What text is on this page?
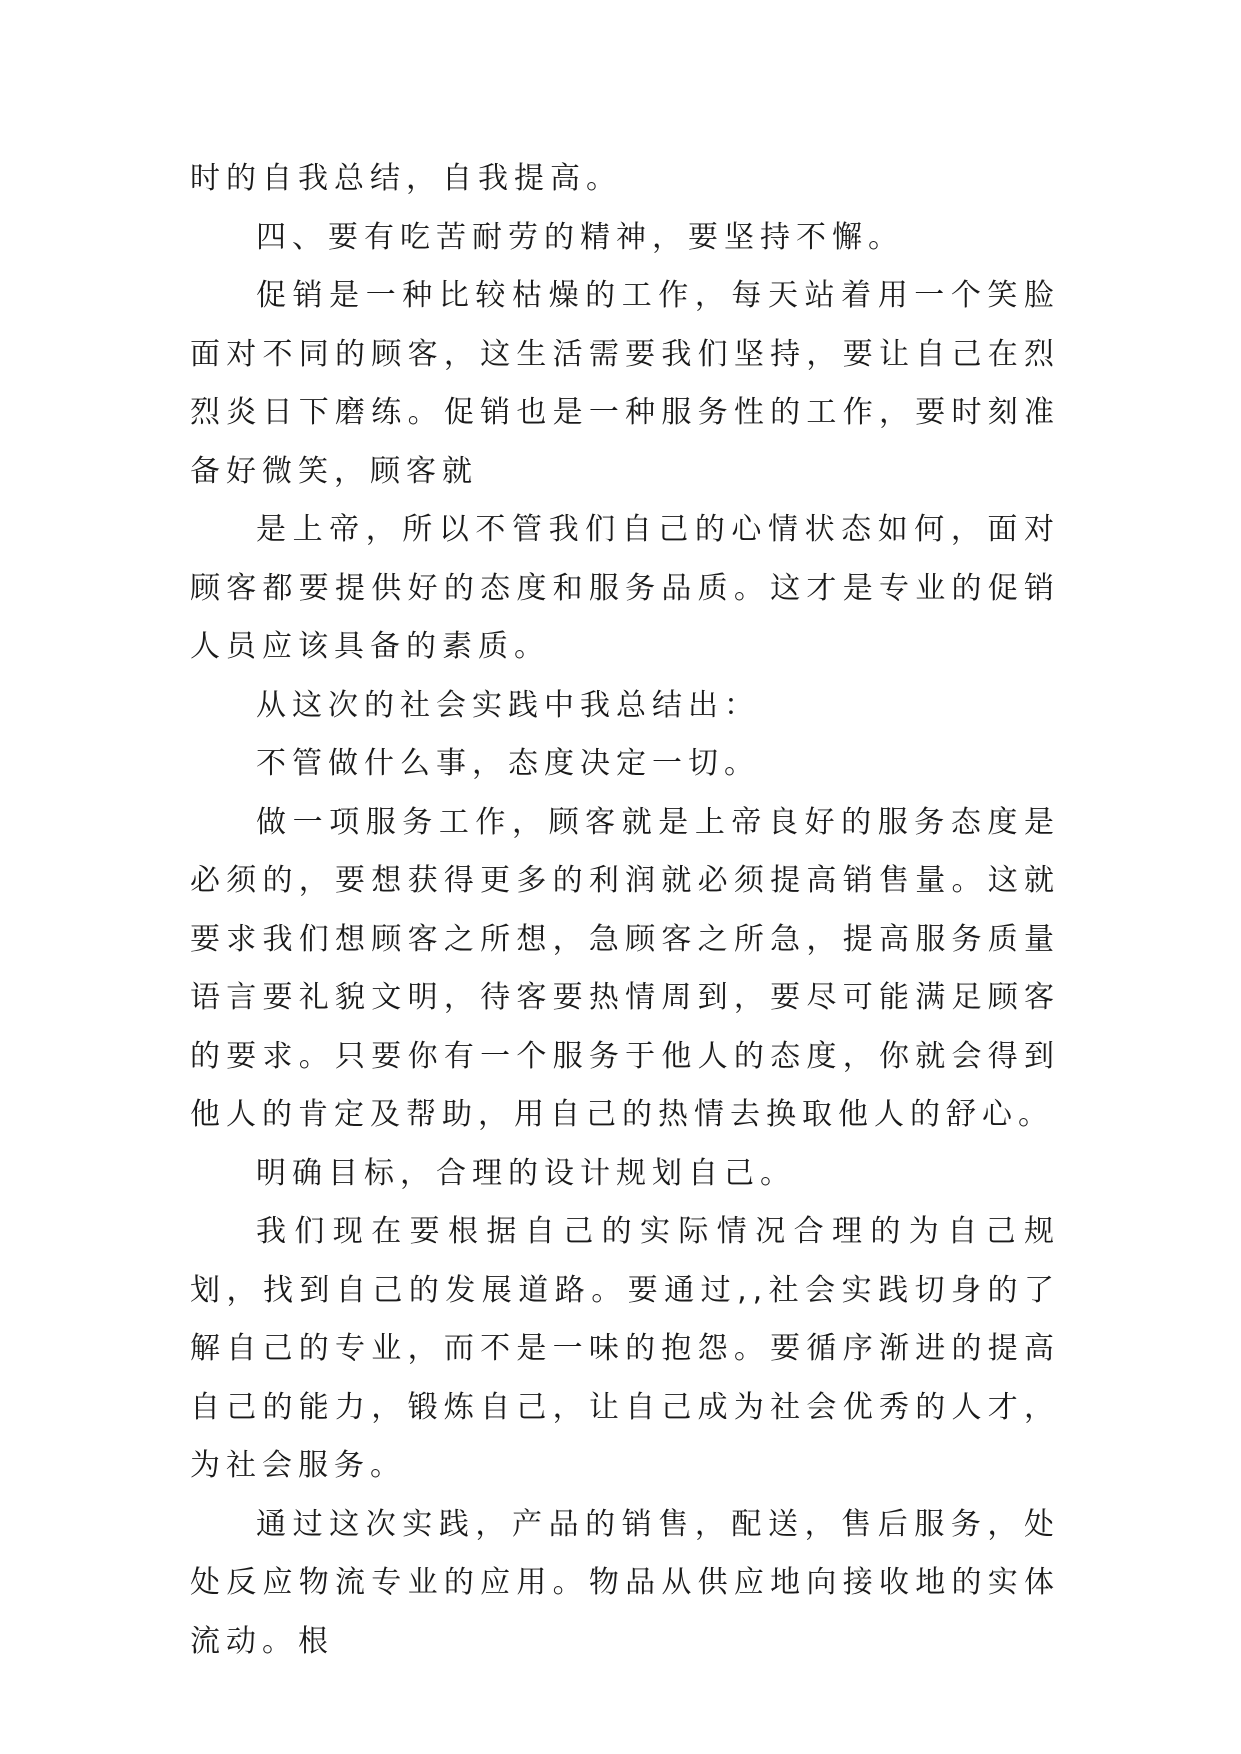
时的自我总结，自我提高。

四、要有吃苦耐劳的精神，要坚持不懈。

促销是一种比较枯燥的工作，每天站着用一个笑脸面对不同的顾客，这生活需要我们坚持，要让自己在烈烈炎日下磨练。促销也是一种服务性的工作，要时刻准备好微笑，顾客就

是上帝，所以不管我们自己的心情状态如何，面对顾客都要提供好的态度和服务品质。这才是专业的促销人员应该具备的素质。

从这次的社会实践中我总结出：

不管做什么事，态度决定一切。

做一项服务工作，顾客就是上帝良好的服务态度是必须的，要想获得更多的利润就必须提高销售量。这就要求我们想顾客之所想，急顾客之所急，提高服务质量语言要礼貌文明，待客要热情周到，要尽可能满足顾客的要求。只要你有一个服务于他人的态度，你就会得到他人的肯定及帮助，用自己的热情去换取他人的舒心。

明确目标，合理的设计规划自己。

我们现在要根据自己的实际情况合理的为自己规划，找到自己的发展道路。要通过,,社会实践切身的了解自己的专业，而不是一味的抱怨。要循序渐进的提高自己的能力，锻炼自己，让自己成为社会优秀的人才，为社会服务。

通过这次实践，产品的销售，配送，售后服务，处处反应物流专业的应用。物品从供应地向接收地的实体流动。根
